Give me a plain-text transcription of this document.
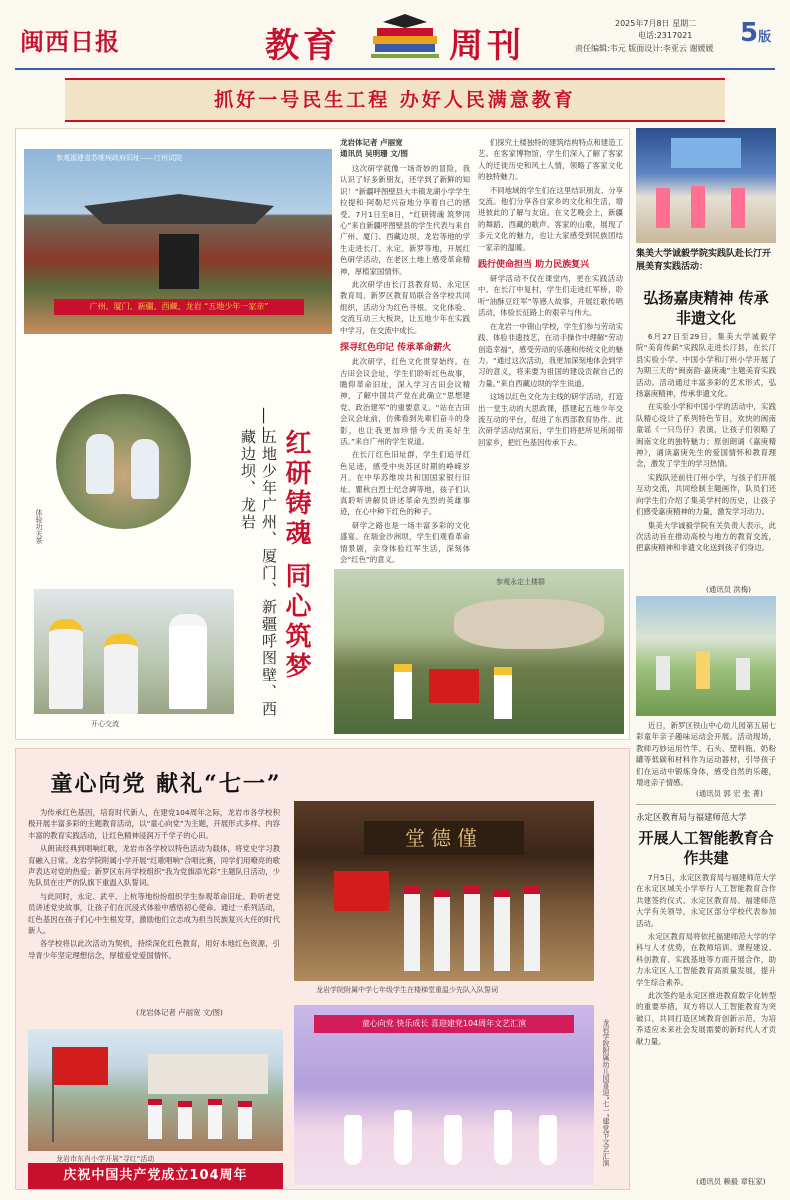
闽西日报	教育	周刊
2025年7月8日 星期二
电话:2317021
责任编辑:韦元 版面设计:李亚云 谢媛媛
5版
抓好一号民生工程 办好人民满意教育
广州、厦门、新疆、西藏、龙岩 “五地少年一家亲”
参观福建省苏维埃政府旧址——汀州试院
体验功夫茶
开心交流
红研铸魂 同心筑梦
——
五地少年广州、厦门、新疆呼图壁、西藏边坝、龙岩
龙岩体记者 卢丽宽
通讯员 吴明珊 文/图

这次研学就像一场奇妙的冒险，我认识了好多新朋友，还学到了新鲜的知识！”新疆呼图壁县大丰镇龙湖小学学生拉提和·阿勒尼兴奋地分享着自己的感受。7月1日至8日，“红研铸魂 筑梦同心”来自新疆呼图壁县的学生代表与来自广州、厦门、西藏边坝、龙岩等地的学生走进长汀、永定、新罗等地，开展红色研学活动，在老区土地上感受革命精神，厚植家国情怀。

此次研学由长汀县教育局、永定区教育局、新罗区教育局联合各学校共同组织，活动分为红色寻根、文化体验、交流互动三大板块，让五地少年在实践中学习，在交流中成长。

探寻红色印记 传承革命薪火

此次研学，红色文化贯穿始终。在古田会议会址，学生们聆听红色故事，瞻仰革命旧址，深入学习古田会议精神，了解中国共产党在此确立“思想建党、政治建军”的重要意义。“站在古田会议会址前，仿佛看到先辈们奋斗的身影，也让我更加珍惜今天的美好生活。”来自广州的学生说道。

在长汀红色旧址群，学生们追寻红色足迹，感受中央苏区时期的峥嵘岁月。在中华苏维埃共和国国家银行旧址、瞿秋白烈士纪念碑等地，孩子们认真聆听讲解员讲述革命先烈的英雄事迹，在心中种下红色的种子。

研学之路也是一场丰富多彩的文化盛宴。在瑞金沙洲坝，学生们观看革命情景剧，亲身体验红军生活，深刻体会“红色”的意义。

们探究土楼独特的建筑结构特点和建造工艺。在客家博物馆，学生们深入了解了客家人的迁徙历史和风土人情，领略了客家文化的独特魅力。

不同地域的学生们在这里结识朋友、分享交流。他们分享各自家乡的文化和生活，增进彼此的了解与友谊。在文艺晚会上，新疆的舞蹈、西藏的歌声、客家的山歌，展现了多元文化的魅力，也让大家感受到民族团结一家亲的温暖。

践行使命担当 助力民族复兴

研学活动不仅在课堂内，更在实践活动中。在长汀中复村，学生们走进红军桥，聆听“油酥豆红军”等感人故事，开展红歌传唱活动，体验长征路上的艰辛与伟大。

在龙岩一中锦山学校，学生们参与劳动实践、体验非遗技艺，在动手操作中理解“劳动创造幸福”，感受劳动的乐趣和传统文化的魅力。“通过这次活动，我更加深刻地体会到学习的意义，将来要为祖国的建设贡献自己的力量。”来自西藏边坝的学生说道。

这场以红色文化为主线的研学活动，打造出一堂生动的大思政课，搭建起五地少年交流互动的平台，促进了东西部教育协作。此次研学活动结束后，学生们将把所见所闻带回家乡，把红色基因传承下去。

参观永定土楼群
集美大学诚毅学院实践队赴长汀开展美育实践活动：
弘扬嘉庚精神 传承非遗文化

6月27日至29日，集美大学诚毅学院“美育传薪”实践队走进长汀县，在长汀县实验小学、中国小学和汀州小学开展了为期三天的“闽南韵·嘉庚魂”主题美育实践活动。活动通过丰富多彩的艺术形式，弘扬嘉庚精神，传承非遗文化。

在实验小学和中国小学的活动中，实践队精心设计了系列特色节目，欢快的闽南童谣《一只鸟仔》表演，让孩子们领略了闽南文化的独特魅力；原创朗诵《嘉庚精神》，诵读嘉庚先生的爱国情怀和教育理念，激发了学生的学习热情。

实践队还前往汀州小学，与孩子们开展互动交流，共同绘制主题画作，队员们还向学生们介绍了集美学村的历史，让孩子们感受嘉庚精神的力量，激发学习动力。

集美大学诚毅学院有关负责人表示，此次活动旨在推动高校与地方的教育交流，把嘉庚精神和非遗文化送到孩子们身边。

(通讯员 洪梅)

近日，新罗区铁山中心幼儿园第五届七彩童年亲子趣味运动会开展。活动现场，教师巧妙运用竹竿、石头、塑料瓶、奶粉罐等低碳和材料作为运动器材，引导孩子们在运动中锻炼身体，感受自然的乐趣，增进亲子情感。

(通讯员 郭 宏 张 菁)
永定区教育局与福建师范大学
开展人工智能教育合作共建

7月5日，永定区教育局与福建师范大学在永定区城关小学举行人工智能教育合作共建签约仪式。永定区教育局、福建师范大学有关领导，永定区部分学校代表参加活动。

永定区教育局将依托福建师范大学的学科与人才优势，在教师培训、课程建设、科创教育、实践基地等方面开展合作，助力永定区人工智能教育高质量发展，提升学生综合素养。

此次签约是永定区推进教育数字化转型的重要举措，双方将以人工智能教育为突破口，共同打造区域教育创新示范，为培养适应未来社会发展需要的新时代人才贡献力量。

(通讯员 赖毅 章钰家)
童心向党 献礼“七一”

为传承红色基因，培育时代新人，在建党104周年之际，龙岩市各学校积极开展丰富多彩的主题教育活动，以“童心向党”为主题，开展形式多样、内容丰富的教育实践活动，让红色精神浸润万千学子的心田。

从朗读经典到唱响红歌，龙岩市各学校以特色活动为载体，将党史学习教育融入日常。龙岩学院附属小学开展“红歌唱响”合唱比赛，同学们用嘹亮的歌声表达对党的热爱；新罗区东肖学校组织“我为党旗添光彩”主题队日活动，少先队员在庄严的队旗下重温入队誓词。

与此同时，永定、武平、上杭等地纷纷组织学生参观革命旧址、聆听老党员讲述党史故事，让孩子们在沉浸式体验中感悟初心使命。通过一系列活动，红色基因在孩子们心中生根发芽，激励他们立志成为担当民族复兴大任的时代新人。

各学校将以此次活动为契机，持续深化红色教育，用好本地红色资源，引导青少年坚定理想信念，厚植爱党爱国情怀。

(龙岩体记者 卢丽宽 文/图)
龙岩市东肖小学开展“寻红”活动
堂德僅
龙岩学院附属中学七年级学生在楼梯堂重温少先队入队誓词
童心向党 快乐成长 喜迎建党104周年文艺汇演	龙岩学院附属幼儿园喜迎“七一”建党节文艺汇演
庆祝中国共产党成立104周年
